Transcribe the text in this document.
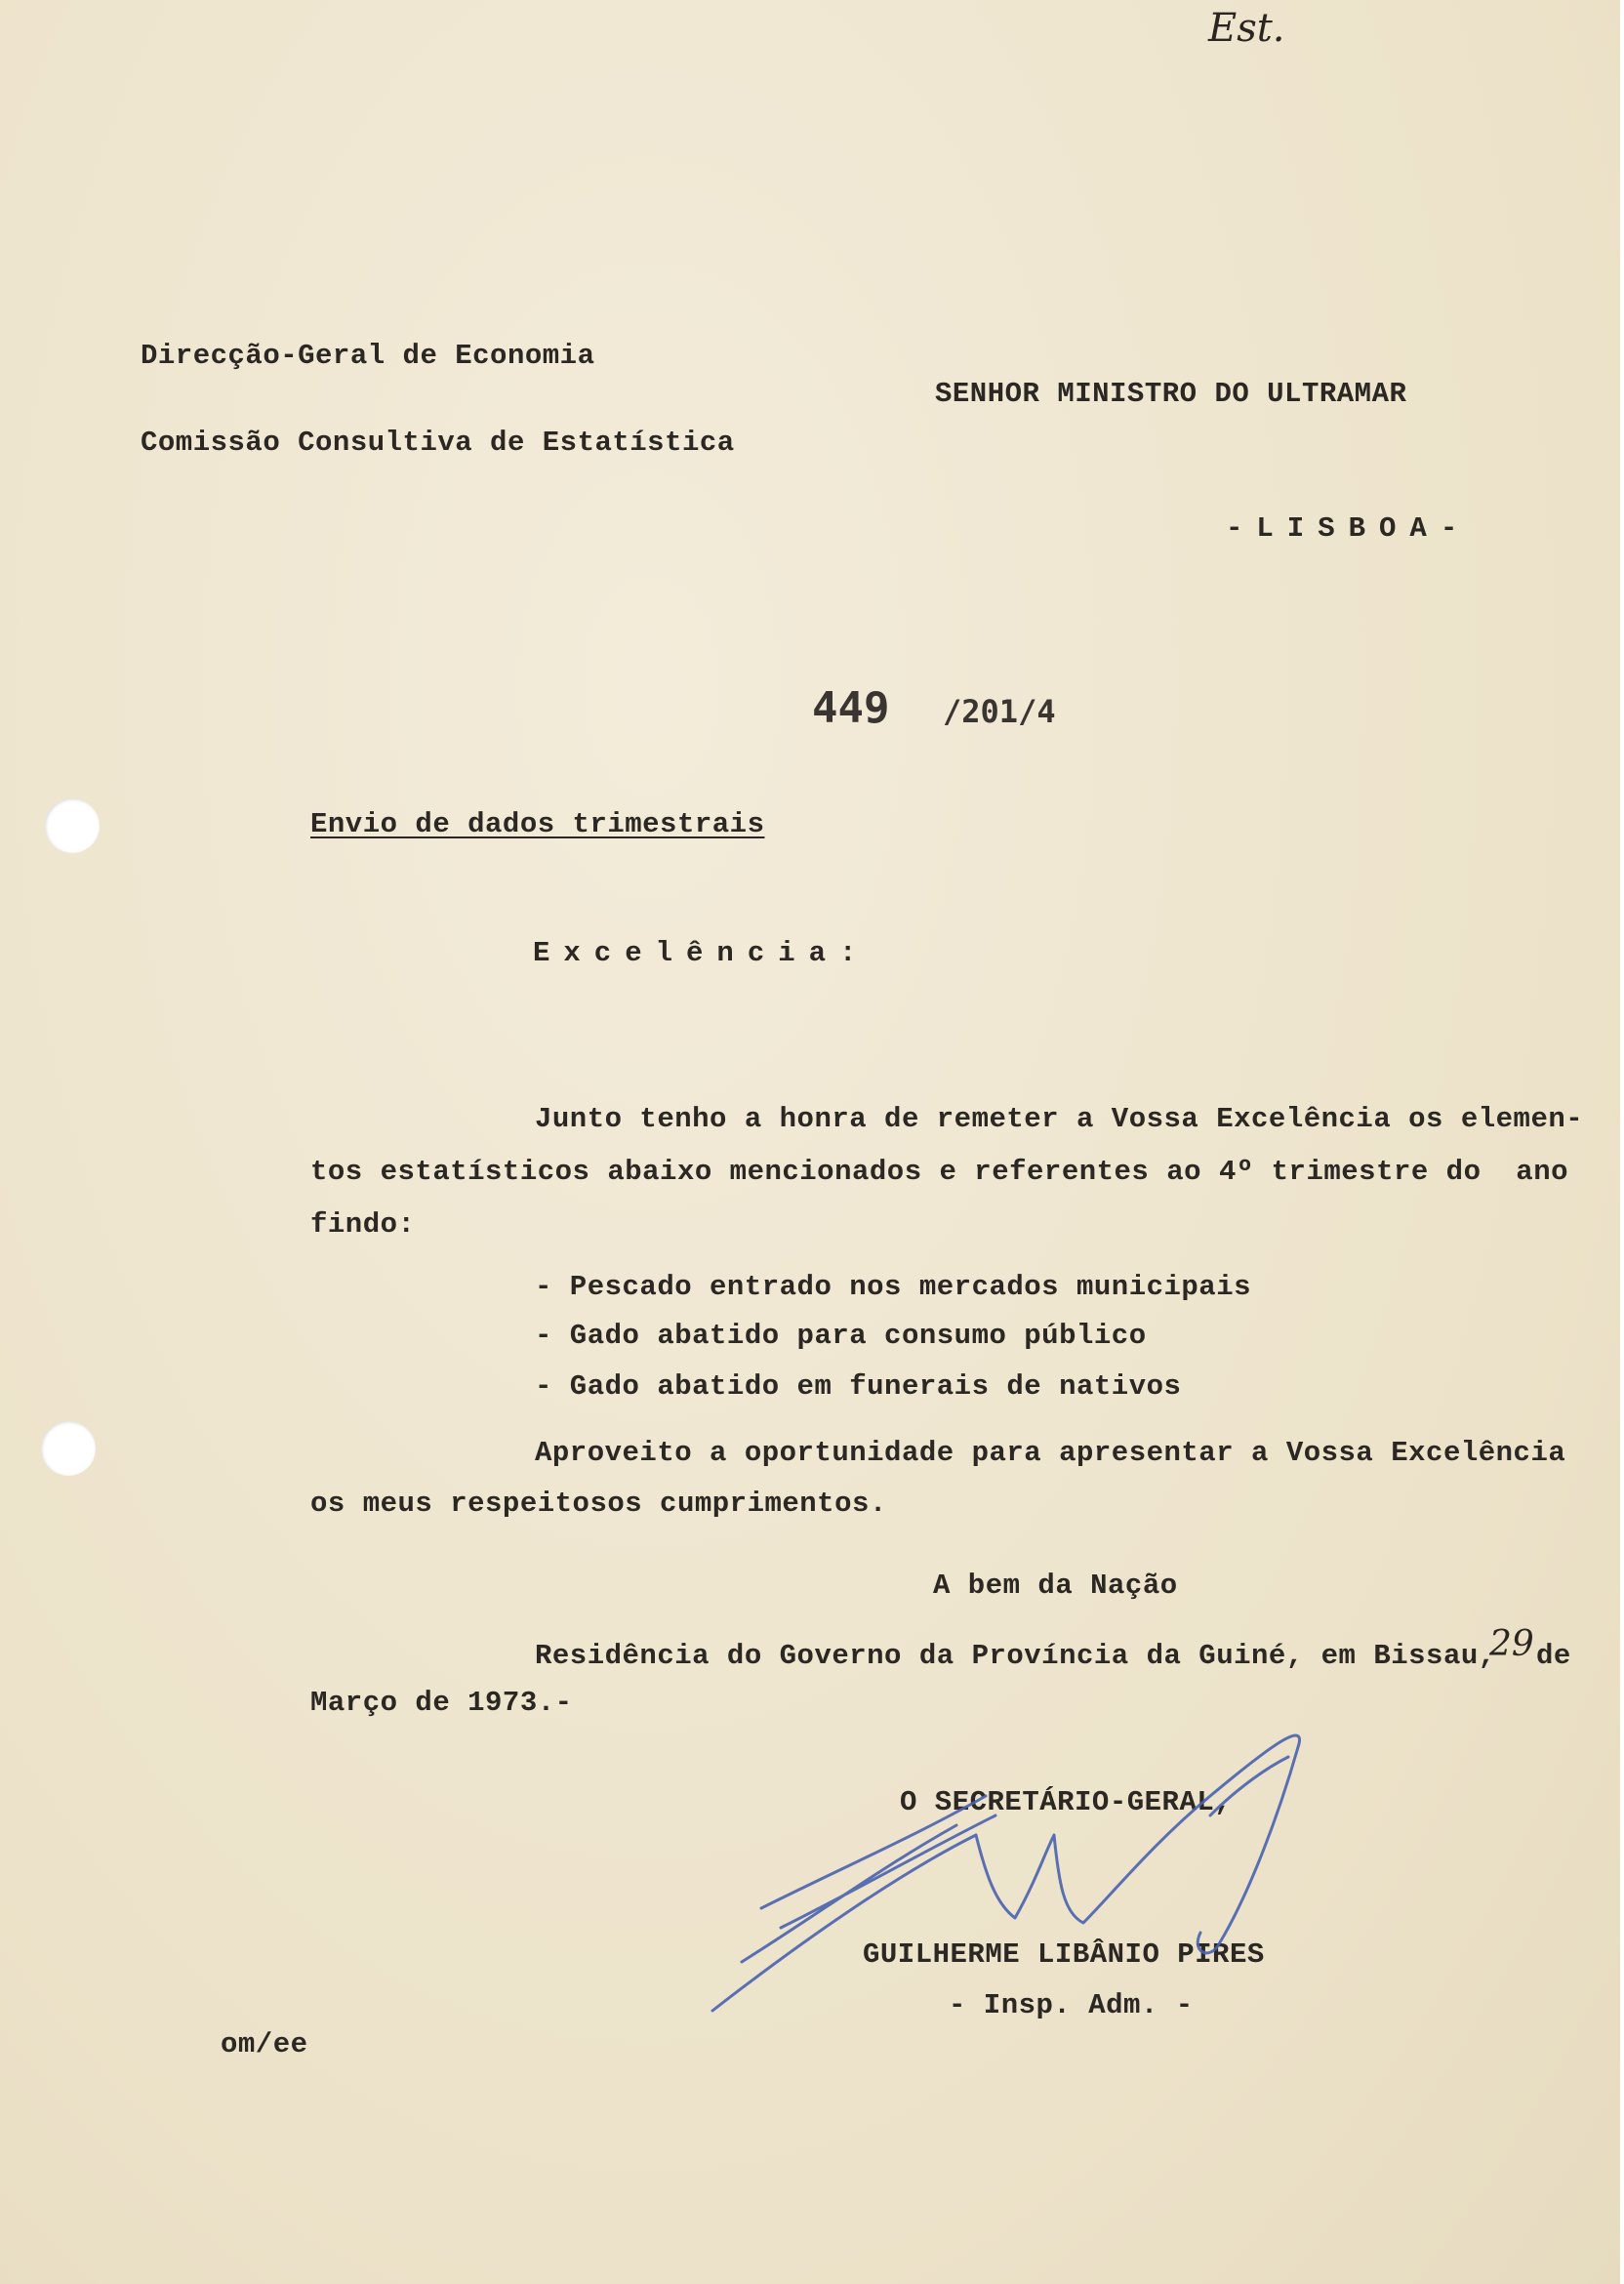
Est.
Direcção-Geral de Economia
Comissão Consultiva de Estatística
SENHOR MINISTRO DO ULTRAMAR
-LISBOA-
449 /201/4
Envio de dados trimestrais
Excelência:
Junto tenho a honra de remeter a Vossa Excelência os elemen-
tos estatísticos abaixo mencionados e referentes ao 4º trimestre do  ano
findo:
- Pescado entrado nos mercados municipais
- Gado abatido para consumo público
- Gado abatido em funerais de nativos
Aproveito a oportunidade para apresentar a Vossa Excelência
os meus respeitosos cumprimentos.
A bem da Nação
Residência do Governo da Província da Guiné, em Bissau,
29 de
Março de 1973.-
O SECRETÁRIO-GERAL,
GUILHERME LIBÂNIO PIRES
- Insp. Adm. -
om/ee
